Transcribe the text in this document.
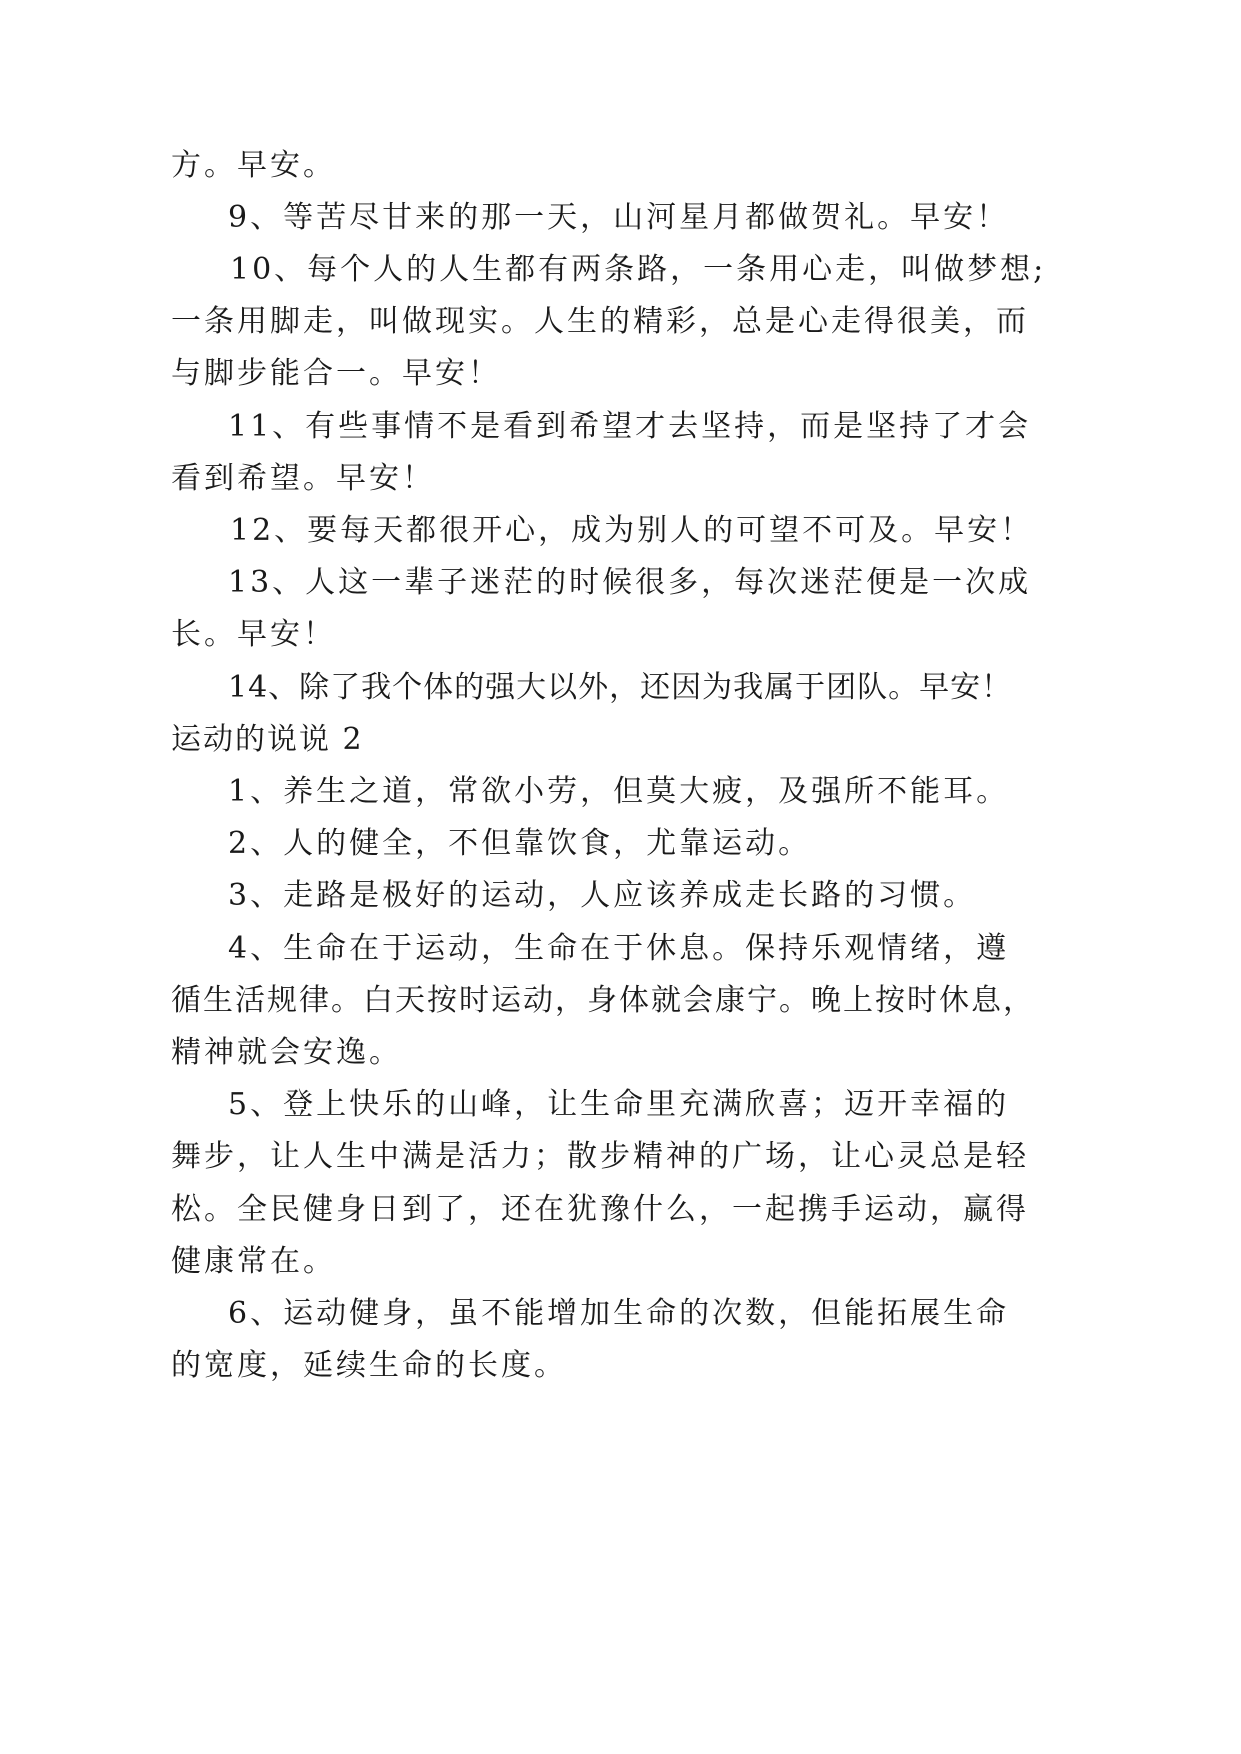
方。早安。
9、等苦尽甘来的那一天，山河星月都做贺礼。早安！
10、每个人的人生都有两条路，一条用心走，叫做梦想;
一条用脚走，叫做现实。人生的精彩，总是心走得很美，而
与脚步能合一。早安！
11、有些事情不是看到希望才去坚持，而是坚持了才会
看到希望。早安！
12、要每天都很开心，成为别人的可望不可及。早安！
13、人这一辈子迷茫的时候很多，每次迷茫便是一次成
长。早安！
14、除了我个体的强大以外，还因为我属于团队。早安！
运动的说说 2
1、养生之道，常欲小劳，但莫大疲，及强所不能耳。
2、人的健全，不但靠饮食，尤靠运动。
3、走路是极好的运动，人应该养成走长路的习惯。
4、生命在于运动，生命在于休息。保持乐观情绪，遵
循生活规律。白天按时运动，身体就会康宁。晚上按时休息，
精神就会安逸。
5、登上快乐的山峰，让生命里充满欣喜；迈开幸福的
舞步，让人生中满是活力；散步精神的广场，让心灵总是轻
松。全民健身日到了，还在犹豫什么，一起携手运动，赢得
健康常在。
6、运动健身，虽不能增加生命的次数，但能拓展生命
的宽度，延续生命的长度。
